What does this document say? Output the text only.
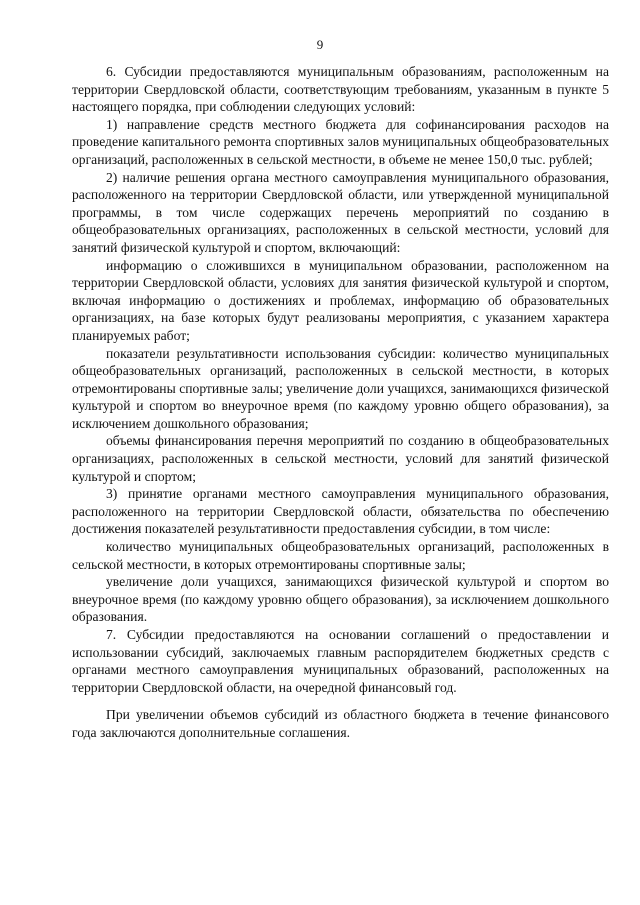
9

6. Субсидии предоставляются муниципальным образованиям, расположенным на территории Свердловской области, соответствующим требованиям, указанным в пункте 5 настоящего порядка, при соблюдении следующих условий:

1) направление средств местного бюджета для софинансирования расходов на проведение капитального ремонта спортивных залов муниципальных общеобразовательных организаций, расположенных в сельской местности, в объеме не менее 150,0 тыс. рублей;

2) наличие решения органа местного самоуправления муниципального образования, расположенного на территории Свердловской области, или утвержденной муниципальной программы, в том числе содержащих перечень мероприятий по созданию в общеобразовательных организациях, расположенных в сельской местности, условий для занятий физической культурой и спортом, включающий:

информацию о сложившихся в муниципальном образовании, расположенном на территории Свердловской области, условиях для занятия физической культурой и спортом, включая информацию о достижениях и проблемах, информацию об образовательных организациях, на базе которых будут реализованы мероприятия, с указанием характера планируемых работ;

показатели результативности использования субсидии: количество муниципальных общеобразовательных организаций, расположенных в сельской местности, в которых отремонтированы спортивные залы; увеличение доли учащихся, занимающихся физической культурой и спортом во внеурочное время (по каждому уровню общего образования), за исключением дошкольного образования;

объемы финансирования перечня мероприятий по созданию в общеобразовательных организациях, расположенных в сельской местности, условий для занятий физической культурой и спортом;

3) принятие органами местного самоуправления муниципального образования, расположенного на территории Свердловской области, обязательства по обеспечению достижения показателей результативности предоставления субсидии, в том числе:

количество муниципальных общеобразовательных организаций, расположенных в сельской местности, в которых отремонтированы спортивные залы;

увеличение доли учащихся, занимающихся физической культурой и спортом во внеурочное время (по каждому уровню общего образования), за исключением дошкольного образования.

7. Субсидии предоставляются на основании соглашений о предоставлении и использовании субсидий, заключаемых главным распорядителем бюджетных средств с органами местного самоуправления муниципальных образований, расположенных на территории Свердловской области, на очередной финансовый год.

При увеличении объемов субсидий из областного бюджета в течение финансового года заключаются дополнительные соглашения.
